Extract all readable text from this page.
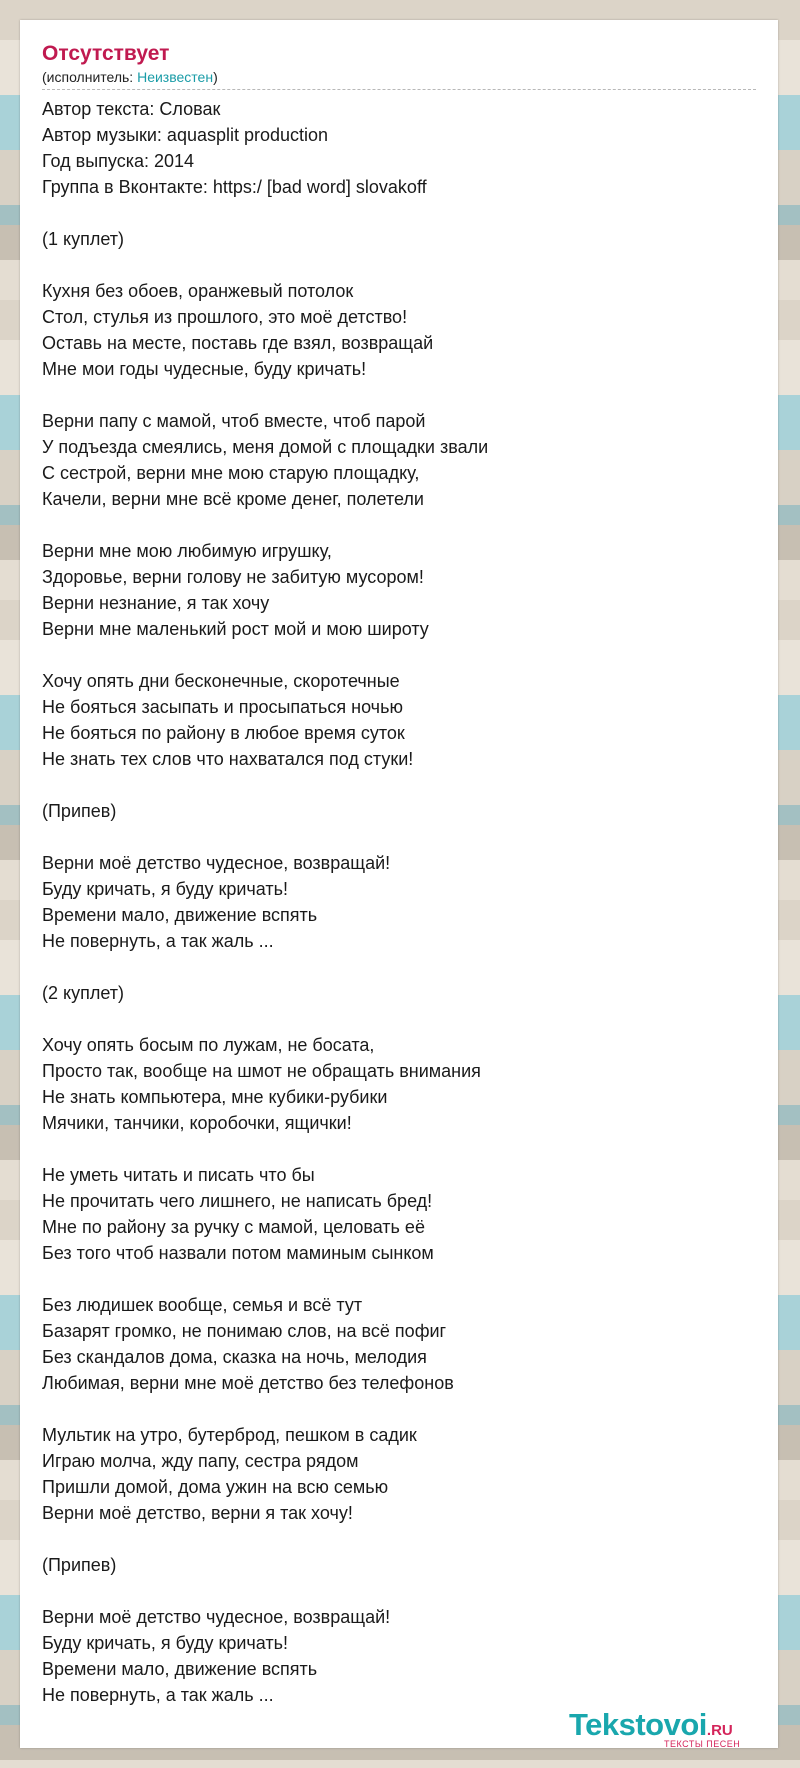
Отсутствует
(исполнитель: Неизвестен)
Автор текста: Словак
Автор музыки: aquasplit production
Год выпуска: 2014
Группа в Вконтакте: https:/ [bad word] slovakoff
(1 куплет)
Кухня без обоев, оранжевый потолок
Стол, стулья из прошлого, это моё детство!
Оставь на месте, поставь где взял, возвращай
Мне мои годы чудесные, буду кричать!
Верни папу с мамой, чтоб вместе, чтоб парой
У подъезда смеялись, меня домой с площадки звали
С сестрой, верни мне мою старую площадку,
Качели, верни мне всё кроме денег, полетели
Верни мне мою любимую игрушку,
Здоровье, верни голову не забитую мусором!
Верни незнание, я так хочу
Верни мне маленький рост мой и мою широту
Хочу опять дни бесконечные, скоротечные
Не бояться засыпать и просыпаться ночью
Не бояться по району в любое время суток
Не знать тех слов что нахватался под стуки!
(Припев)
Верни моё детство чудесное, возвращай!
Буду кричать, я буду кричать!
Времени мало, движение вспять
Не повернуть, а так жаль ...
(2 куплет)
Хочу опять босым по лужам, не босата,
Просто так, вообще на шмот не обращать внимания
Не знать компьютера, мне кубики-рубики
Мячики, танчики, коробочки, ящички!
Не уметь читать и писать что бы
Не прочитать чего лишнего, не написать бред!
Мне по району за ручку с мамой, целовать её
Без того чтоб назвали потом маминым сынком
Без людишек вообще, семья и всё тут
Базарят громко, не понимаю слов, на всё пофиг
Без скандалов дома, сказка на ночь, мелодия
Любимая, верни мне моё детство без телефонов
Мультик на утро, бутерброд, пешком в садик
Играю молча, жду папу, сестра рядом
Пришли домой, дома ужин на всю семью
Верни моё детство, верни я так хочу!
(Припев)
Верни моё детство чудесное, возвращай!
Буду кричать, я буду кричать!
Времени мало, движение вспять
Не повернуть, а так жаль ...
Tekstovoi.RU
ТЕКСТЫ ПЕСЕН
